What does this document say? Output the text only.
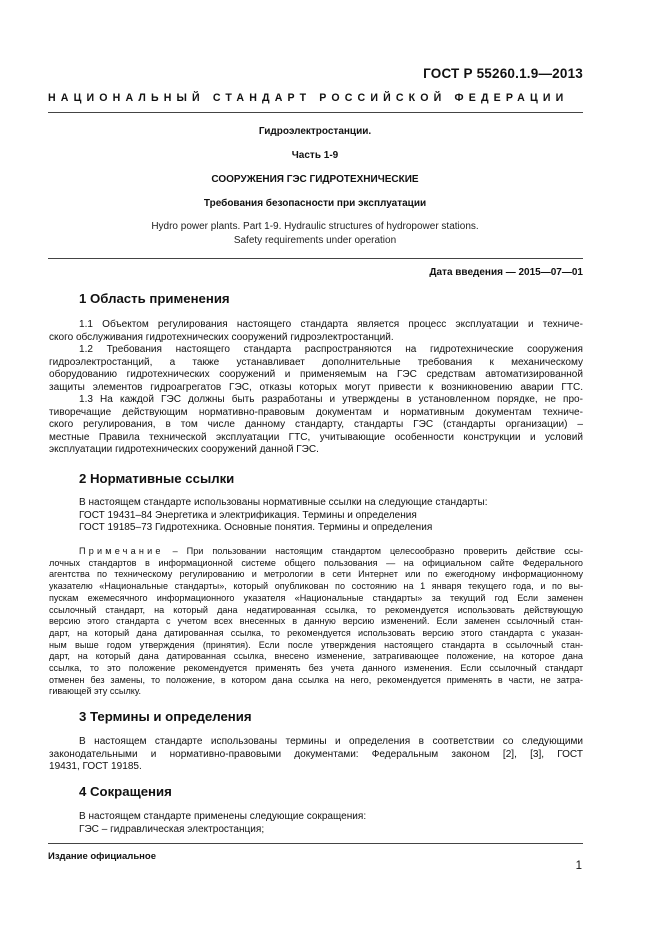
ГОСТ Р 55260.1.9—2013
НАЦИОНАЛЬНЫЙ СТАНДАРТ РОССИЙСКОЙ ФЕДЕРАЦИИ
Гидроэлектростанции.
Часть 1-9
СООРУЖЕНИЯ ГЭС ГИДРОТЕХНИЧЕСКИЕ
Требования безопасности при эксплуатации
Hydro power plants. Part 1-9. Hydraulic structures of hydropower stations.
Safety requirements under operation
Дата введения — 2015—07—01
1 Область применения
1.1 Объектом регулирования настоящего стандарта является процесс эксплуатации и техниче-
ского обслуживания гидротехнических сооружений гидроэлектростанций.
1.2 Требования настоящего стандарта распространяются на гидротехнические сооружения
гидроэлектростанций, а также устанавливает дополнительные требования к механическому
оборудованию гидротехнических сооружений и применяемым на ГЭС средствам автоматизированной
защиты элементов гидроагрегатов ГЭС, отказы которых могут привести к возникновению аварии ГТС.
1.3 На каждой ГЭС должны быть разработаны и утверждены в установленном порядке, не про-
тиворечащие действующим нормативно-правовым документам и нормативным документам техниче-
ского регулирования, в том числе данному стандарту, стандарты ГЭС (стандарты организации) –
местные Правила технической эксплуатации ГТС, учитывающие особенности конструкции и условий
эксплуатации гидротехнических сооружений данной ГЭС.
2 Нормативные ссылки
В настоящем стандарте использованы нормативные ссылки на следующие стандарты:
ГОСТ 19431–84 Энергетика и электрификация. Термины и определения
ГОСТ 19185–73 Гидротехника. Основные понятия. Термины и определения
Примечание – При пользовании настоящим стандартом целесообразно проверить действие ссы-
лочных стандартов в информационной системе общего пользования — на официальном сайте Федерального
агентства по техническому регулированию и метрологии в сети Интернет или по ежегодному информационному
указателю «Национальные стандарты», который опубликован по состоянию на 1 января текущего года, и по вы-
пускам ежемесячного информационного указателя «Национальные стандарты» за текущий год Если заменен
ссылочный стандарт, на который дана недатированная ссылка, то рекомендуется использовать действующую
версию этого стандарта с учетом всех внесенных в данную версию изменений. Если заменен ссылочный стан-
дарт, на который дана датированная ссылка, то рекомендуется использовать версию этого стандарта с указан-
ным выше годом утверждения (принятия). Если после утверждения настоящего стандарта в ссылочный стан-
дарт, на который дана датированная ссылка, внесено изменение, затрагивающее положение, на которое дана
ссылка, то это положение рекомендуется применять без учета данного изменения. Если ссылочный стандарт
отменен без замены, то положение, в котором дана ссылка на него, рекомендуется применять в части, не затра-
гивающей эту ссылку.
3 Термины и определения
В настоящем стандарте использованы термины и определения в соответствии со следующими
законодательными и нормативно-правовыми документами: Федеральным законом [2], [3], ГОСТ
19431, ГОСТ 19185.
4 Сокращения
В настоящем стандарте применены следующие сокращения:
ГЭС – гидравлическая электростанция;
Издание официальное
1
